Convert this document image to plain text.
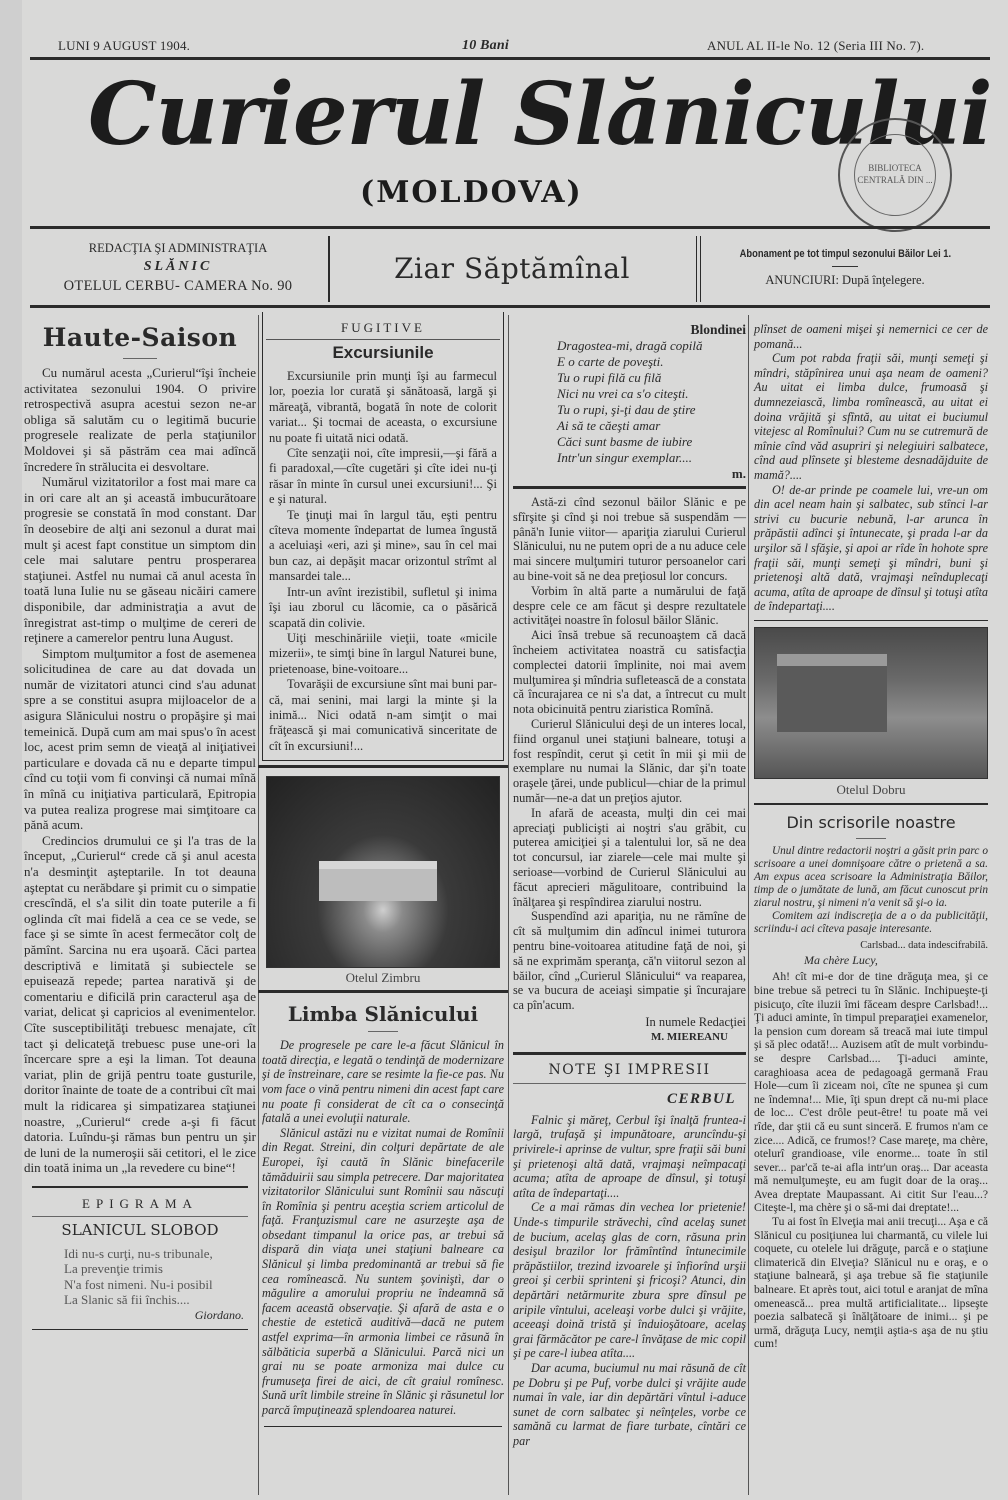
LUNI 9 AUGUST 1904.	10 Bani	ANUL AL II-le No. 12 (Seria III No. 7).
Curierul Slănicului
(MOLDOVA)
BIBLIOTECA CENTRALĂ DIN ...
REDACŢIA ŞI ADMINISTRAŢIA
SLĂNIC
OTELUL CERBU- CAMERA No. 90
Ziar Săptămînal	Abonament pe tot timpul sezonului Băilor Lei 1.
ANUNCIURI: După înţelegere.
Haute-Saison

Cu numărul acesta „Curierul“îşi încheie activitatea sezonului 1904. O privire retrospectivă asupra acestui sezon ne-ar obliga să salutăm cu o legitimă bucurie progresele realizate de perla staţiunilor Moldovei şi să păstrăm cea mai adîncă încredere în strălucita ei desvoltare.

Numărul vizitatorilor a fost mai mare ca in ori care alt an şi această imbucurătoare progresie se constată în mod constant. Dar în deosebire de alţi ani sezonul a durat mai mult şi acest fapt constitue un simptom din cele mai salutare pentru prosperarea staţiunei. Astfel nu numai că anul acesta în toată luna Iulie nu se găseau nicăiri camere disponibile, dar administraţia a avut de înregistrat ast-timp o mulţime de cereri de reţinere a camerelor pentru luna August.

Simptom mulţumitor a fost de asemenea solicitudinea de care au dat dovada un număr de vizitatori atunci cind s'au adunat spre a se constitui asupra mijloacelor de a asigura Slănicului nostru o propăşire şi mai temeinică. După cum am mai spus'o în acest loc, acest prim semn de vieaţă al iniţiativei particulare e dovada că nu e departe timpul cînd cu toţii vom fi convinşi că numai mînă în mînă cu iniţiativa particulară, Epitropia va putea realiza progrese mai simţitoare ca pănă acum.

Credincios drumului ce şi l'a tras de la început, „Curierul“ crede că şi anul acesta n'a desminţit aşteptarile. In tot deauna aşteptat cu nerăbdare şi primit cu o simpatie crescîndă, el s'a silit din toate puterile a fi oglinda cît mai fidelă a cea ce se vede, se face şi se simte în acest fermecător colţ de pămînt. Sarcina nu era uşoară. Căci partea descriptivă e limitată şi subiectele se epuisează repede; partea narativă şi de comentariu e dificilă prin caracterul aşa de variat, delicat şi capricios al evenimentelor. Cîte susceptibilităţi trebuesc menajate, cît tact şi delicateţă trebuesc puse une-ori la încercare spre a eşi la liman. Tot deauna variat, plin de grijă pentru toate gusturile, doritor înainte de toate de a contribui cît mai mult la ridicarea şi simpatizarea staţiunei noastre, „Curierul“ crede a-şi fi făcut datoria. Luîndu-şi rămas bun pentru un şir de luni de la numeroşii săi cetitori, el le zice din toată inima un „la revedere cu bine“!

EPIGRAMA
SLANICUL SLOBOD
Idi nu-s curţi, nu-s tribunale,
La prevenţie trimis
N'a fost nimeni. Nu-i posibil
La Slanic să fii închis....
Giordano.
FUGITIVE
Excursiunile

Excursiunile prin munţi îşi au farmecul lor, poezia lor curată şi sănătoasă, largă şi măreaţă, vibrantă, bogată în note de colorit variat... Şi tocmai de aceasta, o excursiune nu poate fi uitată nici odată.

Cîte senzaţii noi, cîte impresii,—şi fără a fi paradoxal,—cîte cugetări şi cîte idei nu-ţi răsar în minte în cursul unei excursiuni!... Şi e şi natural.

Te ţinuţi mai în largul tău, eşti pentru cîteva momente îndepartat de lumea îngustă a aceluiaşi «eri, azi şi mine», sau în cel mai bun caz, ai depăşit macar orizontul strîmt al mansardei tale...

Intr-un avînt irezistibil, sufletul şi inima îşi iau zborul cu lăcomie, ca o păsărică scapată din colivie.

Uiţi meschinăriile vieţii, toate «micile mizerii», te simţi bine în largul Naturei bune, prietenoase, bine-voitoare...

Tovarăşii de excursiune sînt mai buni par-că, mai senini, mai largi la minte şi la inimă... Nici odată n-am simţit o mai frăţească şi mai comunicativă sinceritate de cît în excursiuni!...

Otelul Zimbru
Limba Slănicului

De progresele pe care le-a făcut Slănicul în toată direcţia, e legată o tendinţă de modernizare şi de înstreinare, care se resimte la fie-ce pas. Nu vom face o vină pentru nimeni din acest fapt care nu poate fi considerat de cît ca o consecinţă fatală a unei evoluţii naturale.

Slănicul astăzi nu e vizitat numai de Romînii din Regat. Streini, din colţuri depărtate de ale Europei, îşi caută în Slănic binefacerile tămăduirii sau simpla petrecere. Dar majoritatea vizitatorilor Slănicului sunt Romînii sau născuţi în Romînia şi pentru aceştia scriem articolul de faţă. Franţuzismul care ne asurzeşte aşa de obsedant timpanul la orice pas, ar trebui să dispară din viaţa unei staţiuni balneare ca Slănicul şi limba predominantă ar trebui să fie cea romînească. Nu suntem şoviniştì, dar o măgulire a amorului propriu ne îndeamnă să facem această observaţie. Şi afară de asta e o chestie de estetică auditivă—dacă ne putem astfel exprima—în armonia limbei ce răsună în sălbăticia superbă a Slănicului. Parcă nici un grai nu se poate armoniza mai dulce cu frumuseţa firei de aici, de cît graiul romînesc. Sună urît limbile streine în Slănic şi răsunetul lor parcă împuţinează splendoarea naturei.

Blondinei
Dragostea-mi, dragă copilă
E o carte de poveşti.
Tu o rupi filă cu filă
Nici nu vrei ca s'o citeşti.
Tu o rupi, şi-ţi dau de ştire
Ai să te căeşti amar
Căci sunt basme de iubire
Intr'un singur exemplar....
m.

Astă-zi cînd sezonul băilor Slănic e pe sfîrşite şi cînd şi noi trebue să suspendăm —până'n Iunie viitor— apariţia ziarului Curierul Slănicului, nu ne putem opri de a nu aduce cele mai sincere mulţumiri tuturor persoanelor cari au bine-voit să ne dea preţiosul lor concurs.

Vorbim în altă parte a numărului de faţă despre cele ce am făcut şi despre rezultatele activităţei noastre în folosul băilor Slănic.

Aici însă trebue să recunoaştem că dacă încheiem activitatea noastră cu satisfacţia complectei datorii împlinite, noi mai avem mulţumirea şi mîndria sufletească de a constata că încurajarea ce ni s'a dat, a întrecut cu mult nota obicinuită pentru ziaristica Romînă.

Curierul Slănicului deşi de un interes local, fiind organul unei staţiuni balneare, totuşi a fost respîndit, cerut şi cetit în mii şi mii de exemplare nu numai la Slănic, dar şi'n toate oraşele ţărei, unde publicul—chiar de la primul număr—ne-a dat un preţios ajutor.

In afară de aceasta, mulţi din cei mai apreciaţi publicişti ai noştri s'au grăbit, cu puterea amiciţiei şi a talentului lor, să ne dea tot concursul, iar ziarele—cele mai multe şi serioase—vorbind de Curierul Slănicului au făcut aprecieri măgulitoare, contribuind la înălţarea şi respîndirea ziarului nostru.

Suspendînd azi apariţia, nu ne rămîne de cît să mulţumim din adîncul inimei tuturora pentru bine-voitoarea atitudine faţă de noi, şi să ne exprimăm speranţa, că'n viitorul sezon al băilor, cînd „Curierul Slănicului“ va reaparea, se va bucura de aceiaşi simpatie şi încurajare ca pîn'acum.

In numele Redacţiei
M. MIEREANU
NOTE ŞI IMPRESII
CERBUL

Falnic şi măreţ, Cerbul îşi înalţă fruntea-i largă, trufaşă şi impunătoare, aruncîndu-şi privirele-i aprinse de vultur, spre fraţii săi buni şi prietenoşi altă dată, vrajmaşi neîmpacaţi acuma; atîta de aproape de dînsul, şi totuşi atîta de îndepartaţi....

Ce a mai rămas din vechea lor prietenie! Unde-s timpurile străvechi, cînd acelaş sunet de bucium, acelaş glas de corn, răsuna prin desişul brazilor lor frămîntînd întunecimile prăpăstiilor, trezind izvoarele şi înfiorînd urşii greoi şi cerbii sprinteni şi fricoşi? Atunci, din depărtări netărmurite zbura spre dînsul pe aripile vîntului, aceleaşi vorbe dulci şi vrăjite, aceeaşi doină tristă şi înduioşătoare, acelaş grai fărmăcător pe care-l învăţase de mic copil şi pe care-l iubea atîta....

Dar acuma, buciumul nu mai răsună de cît pe Dobru şi pe Puf, vorbe dulci şi vrăjite aude numai în vale, iar din depărtări vîntul i-aduce sunet de corn salbatec şi neînţeles, vorbe ce samănă cu larmat de fiare turbate, cîntări ce par

plînset de oameni mişei şi nemernici ce cer de pomană...

Cum pot rabda fraţii săi, munţi semeţi şi mîndri, stăpînirea unui aşa neam de oameni? Au uitat ei limba dulce, frumoasă şi dumnezeiască, limba romînească, au uitat ei doina vrăjită şi sfîntă, au uitat ei buciumul vitejesc al Romînului? Cum nu se cutremură de mînie cînd văd asupriri şi nelegiuiri salbatece, cînd aud plînsete şi blesteme desnadăjduite de mamă?....

O! de-ar prinde pe coamele lui, vre-un om din acel neam hain şi salbatec, sub stînci l-ar strivi cu bucurie nebună, l-ar arunca în prăpăstii adînci şi întunecate, şi prada l-ar da urşilor să l sfăşie, şi apoi ar rîde în hohote spre fraţii săi, munţi semeţi şi mîndri, buni şi prietenoşi altă dată, vrajmaşi neînduplecaţi acuma, atîta de aproape de dînsul şi totuşi atîta de îndepartaţi....

Otelul Dobru
Din scrisorile noastre

Unul dintre redactorii noştri a găsit prin parc o scrisoare a unei domnişoare către o prietenă a sa. Am expus acea scrisoare la Administraţia Băilor, timp de o jumătate de lună, am făcut cunoscut prin ziarul nostru, şi nimeni n'a venit să şi-o ia.

Comitem azi indiscreţia de a o da publicităţii, scriindu-i aci cîteva pasaje interesante.

Carlsbad... data indescifrabilă.
Ma chère Lucy,

Ah! cît mi-e dor de tine drăguţa mea, şi ce bine trebue să petreci tu în Slănic. Inchipueşte-ţi pisicuţo, cîte iluzii îmi făceam despre Carlsbad!... Ţi aduci aminte, în timpul preparaţiei examenelor, la pension cum doream să treacă mai iute timpul şi să plec odată!... Auzisem atît de mult vorbindu-se despre Carlsbad.... Ţi-aduci aminte, caraghioasa acea de pedagoagă germană Frau Hole—cum îi ziceam noi, cîte ne spunea şi cum ne îndemna!... Mie, îţi spun drept că nu-mi place de loc... C'est drôle peut-être! tu poate mă vei rîde, dar ştii că eu sunt sinceră. E frumos n'am ce zice.... Adică, ce frumos!? Case mareţe, ma chère, otelurî grandioase, vile enorme... toate în stil sever... par'că te-ai afla intr'un oraş... Dar aceasta mă nemulţumeşte, eu am fugit doar de la oraş... Avea dreptate Maupassant. Ai citit Sur l'eau...? Citeşte-l, ma chère şi o să-mi dai dreptate!...

Tu ai fost în Elveţia mai anii trecuţi... Aşa e că Slănicul cu posiţiunea lui charmantă, cu vilele lui coquete, cu otelele lui drăguţe, parcă e o staţiune climaterică din Elveţia? Slănicul nu e oraş, e o staţiune balneară, şi aşa trebue să fie staţiunile balneare. Et après tout, aici totul e aranjat de mîna omenească... prea multă artificialitate... lipseşte poezia salbatecă şi înălţătoare de inimi... şi pe urmă, drăguţa Lucy, nemţii aştia-s aşa de nu ştiu cum!
